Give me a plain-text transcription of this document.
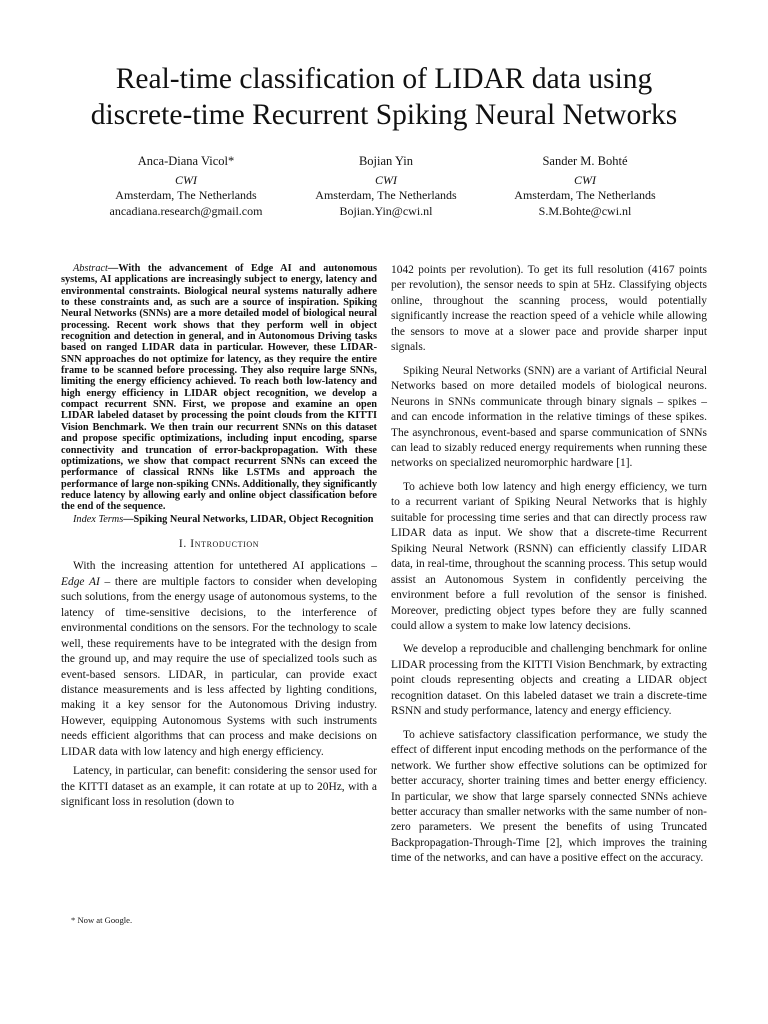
Real-time classification of LIDAR data using
discrete-time Recurrent Spiking Neural Networks
Anca-Diana Vicol*
CWI
Amsterdam, The Netherlands
ancadiana.research@gmail.com
Bojian Yin
CWI
Amsterdam, The Netherlands
Bojian.Yin@cwi.nl
Sander M. Bohté
CWI
Amsterdam, The Netherlands
S.M.Bohte@cwi.nl

Abstract—With the advancement of Edge AI and autonomous systems, AI applications are increasingly subject to energy, latency and environmental constraints. Biological neural systems naturally adhere to these constraints and, as such are a source of inspiration. Spiking Neural Networks (SNNs) are a more detailed model of biological neural processing. Recent work shows that they perform well in object recognition and detection in general, and in Autonomous Driving tasks based on ranged LIDAR data in particular. However, these LIDAR-SNN approaches do not optimize for latency, as they require the entire frame to be scanned before processing. They also require large SNNs, limiting the energy efficiency achieved. To reach both low-latency and high energy efficiency in LIDAR object recognition, we develop a compact recurrent SNN. First, we propose and examine an open LIDAR labeled dataset by processing the point clouds from the KITTI Vision Benchmark. We then train our recurrent SNNs on this dataset and propose specific optimizations, including input encoding, sparse connectivity and truncation of error-backpropagation. With these optimizations, we show that compact recurrent SNNs can exceed the performance of classical RNNs like LSTMs and approach the performance of large non-spiking CNNs. Additionally, they significantly reduce latency by allowing early and online object classification before the end of the sequence.

Index Terms—Spiking Neural Networks, LIDAR, Object Recognition

I. Introduction

With the increasing attention for untethered AI applications – Edge AI – there are multiple factors to consider when developing such solutions, from the energy usage of autonomous systems, to the latency of time-sensitive decisions, to the interference of environmental conditions on the sensors. For the technology to scale well, these requirements have to be integrated with the design from the ground up, and may require the use of specialized tools such as event-based sensors. LIDAR, in particular, can provide exact distance measurements and is less affected by lighting conditions, making it a key sensor for the Autonomous Driving industry. However, equipping Autonomous Systems with such instruments needs efficient algorithms that can process and make decisions on LIDAR data with low latency and high energy efficiency.

Latency, in particular, can benefit: considering the sensor used for the KITTI dataset as an example, it can rotate at up to 20Hz, with a significant loss in resolution (down to

1042 points per revolution). To get its full resolution (4167 points per revolution), the sensor needs to spin at 5Hz. Classifying objects online, throughout the scanning process, would potentially significantly increase the reaction speed of a vehicle while allowing the sensors to move at a slower pace and provide sharper input signals.

Spiking Neural Networks (SNN) are a variant of Artificial Neural Networks based on more detailed models of biological neurons. Neurons in SNNs communicate through binary signals – spikes – and can encode information in the relative timings of these spikes. The asynchronous, event-based and sparse communication of SNNs can lead to sizably reduced energy requirements when running these networks on specialized neuromorphic hardware [1].

To achieve both low latency and high energy efficiency, we turn to a recurrent variant of Spiking Neural Networks that is highly suitable for processing time series and that can directly process raw LIDAR data as input. We show that a discrete-time Recurrent Spiking Neural Network (RSNN) can efficiently classify LIDAR data, in real-time, throughout the scanning process. This setup would assist an Autonomous System in confidently perceiving the environment before a full revolution of the sensor is finished. Moreover, predicting object types before they are fully scanned could allow a system to make low latency decisions.

We develop a reproducible and challenging benchmark for online LIDAR processing from the KITTI Vision Benchmark, by extracting point clouds representing objects and creating a LIDAR object recognition dataset. On this labeled dataset we train a discrete-time RSNN and study performance, latency and energy efficiency.

To achieve satisfactory classification performance, we study the effect of different input encoding methods on the performance of the network. We further show effective solutions can be optimized for better accuracy, shorter training times and better energy efficiency. In particular, we show that large sparsely connected SNNs achieve better accuracy than smaller networks with the same number of non-zero parameters. We present the benefits of using Truncated Backpropagation-Through-Time [2], which improves the training time of the networks, and can have a positive effect on the accuracy.

* Now at Google.
